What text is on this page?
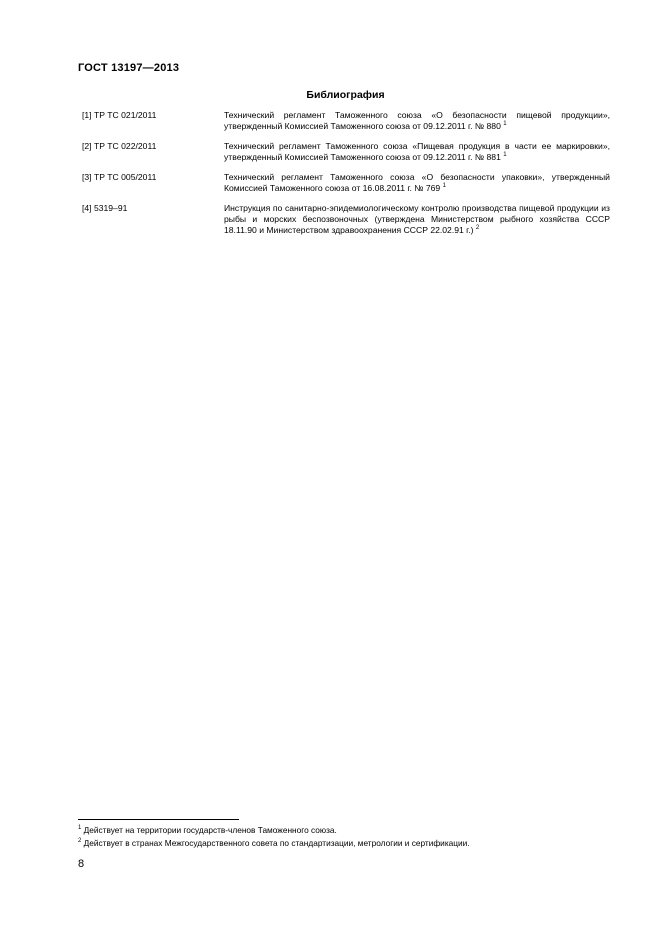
ГОСТ 13197—2013
Библиография
[1] ТР ТС 021/2011	Технический регламент Таможенного союза «О безопасности пищевой продукции», утвержденный Комиссией Таможенного союза от 09.12.2011 г. № 880 $^1$
[2] ТР ТС 022/2011	Технический регламент Таможенного союза «Пищевая продукция в части ее маркировки», утвержденный Комиссией Таможенного союза от 09.12.2011 г. № 881 $^1$
[3] ТР ТС 005/2011	Технический регламент Таможенного союза «О безопасности упаковки», утвержденный Комиссией Таможенного союза от 16.08.2011 г. № 769 $^1$
[4] 5319–91	Инструкция по санитарно-эпидемиологическому контролю производства пищевой продукции из рыбы и морских беспозвоночных (утверждена Министерством рыбного хозяйства СССР 18.11.90 и Министерством здравоохранения СССР 22.02.91 г.) $^2$
$^1$ Действует на территории государств-членов Таможенного союза.
$^2$ Действует в странах Межгосударственного совета по стандартизации, метрологии и сертификации.
8
